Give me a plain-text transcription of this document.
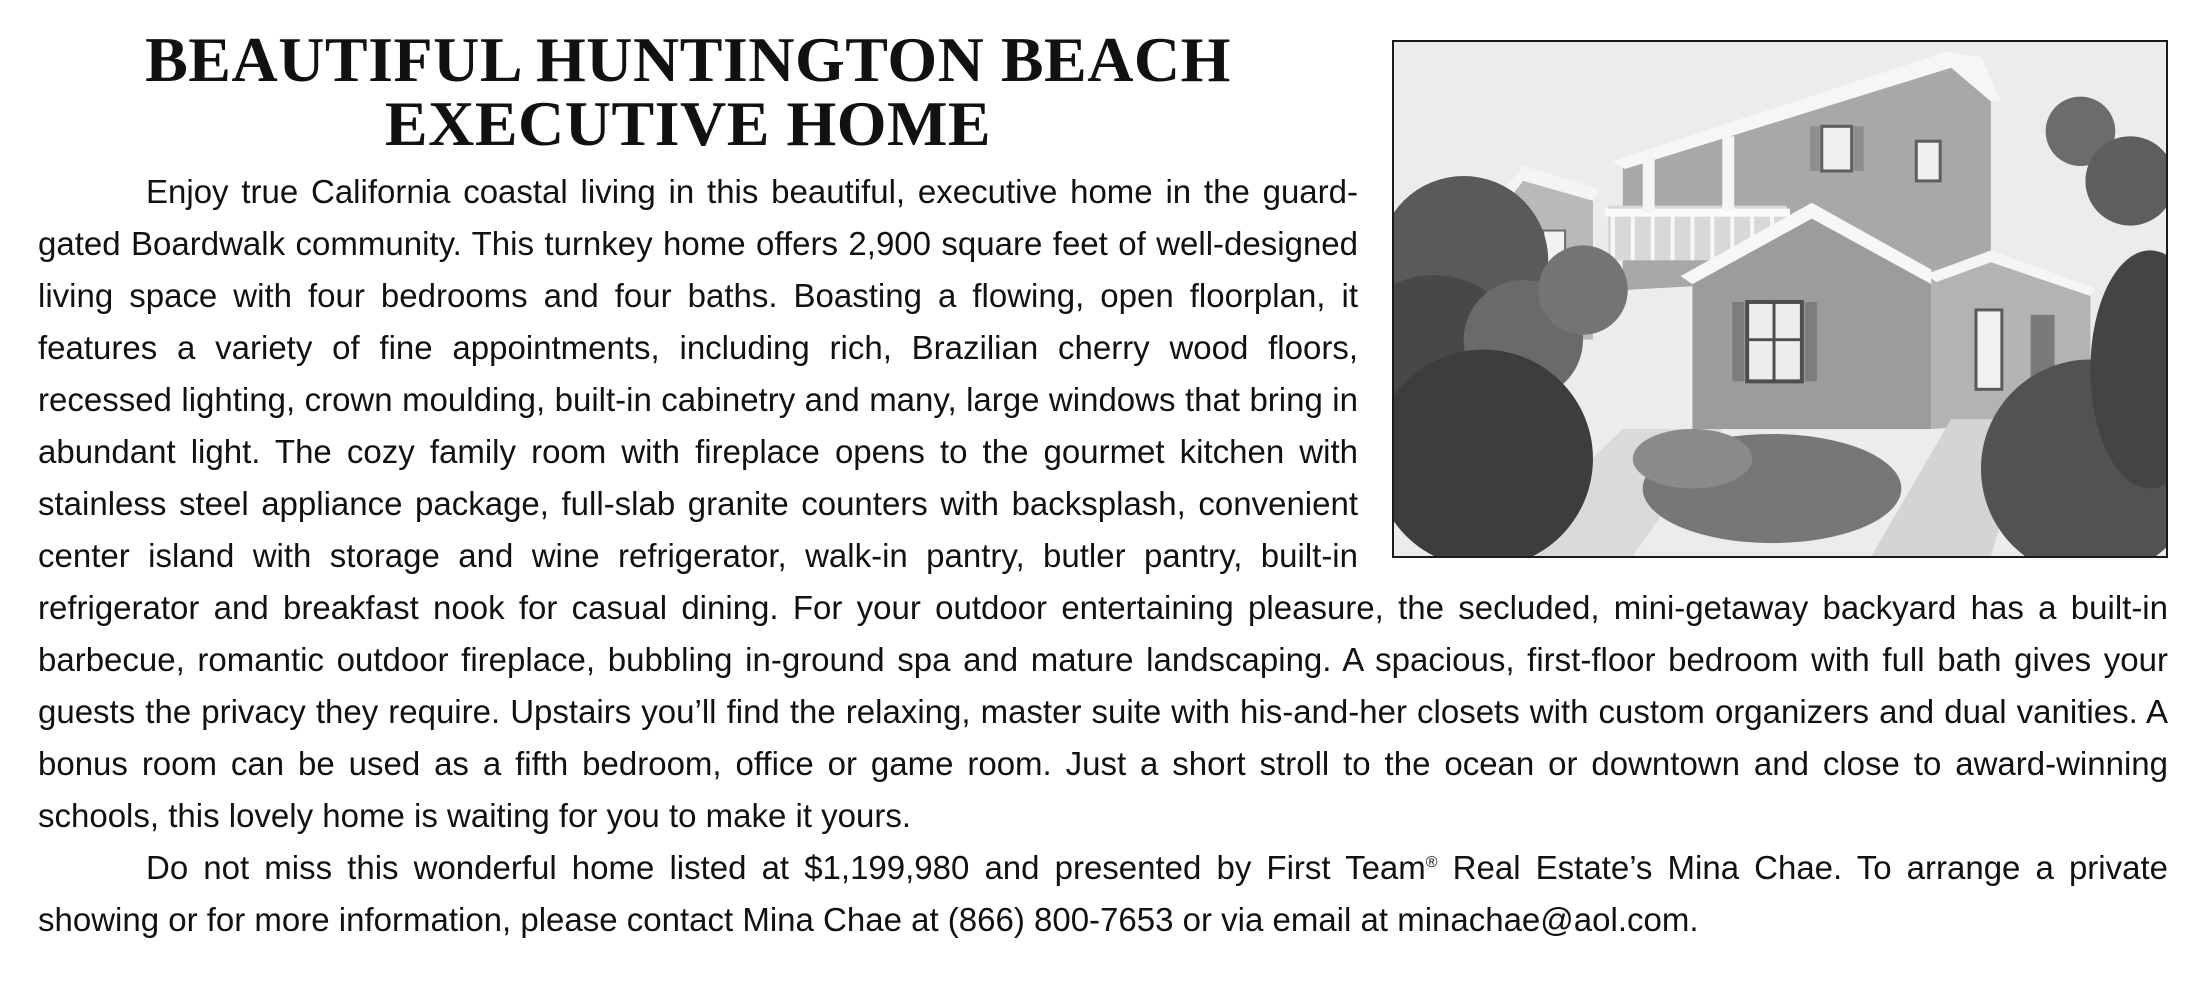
BEAUTIFUL HUNTINGTON BEACH
EXECUTIVE HOME

Enjoy true California coastal living in this beautiful, executive home in the guard-gated Boardwalk community. This turnkey home offers 2,900 square feet of well-designed living space with four bedrooms and four baths. Boasting a flowing, open floorplan, it features a variety of fine appointments, including rich, Brazilian cherry wood floors, recessed lighting, crown moulding, built-in cabinetry and many, large windows that bring in abundant light. The cozy family room with fireplace opens to the gourmet kitchen with stainless steel appliance package, full-slab granite counters with backsplash, convenient center island with storage and wine refrigerator, walk-in pantry, butler pantry, built-in refrigerator and breakfast nook for casual dining. For your outdoor entertaining pleasure, the secluded, mini-getaway backyard has a built-in barbecue, romantic outdoor fireplace, bubbling in-ground spa and mature landscaping. A spacious, first-floor bedroom with full bath gives your guests the privacy they require. Upstairs you’ll find the relaxing, master suite with his-and-her closets with custom organizers and dual vanities. A bonus room can be used as a fifth bedroom, office or game room. Just a short stroll to the ocean or downtown and close to award-winning schools, this lovely home is waiting for you to make it yours.

Do not miss this wonderful home listed at $1,199,980 and presented by First Team® Real Estate’s Mina Chae. To arrange a private showing or for more information, please contact Mina Chae at (866) 800-7653 or via email at minachae@aol.com.
